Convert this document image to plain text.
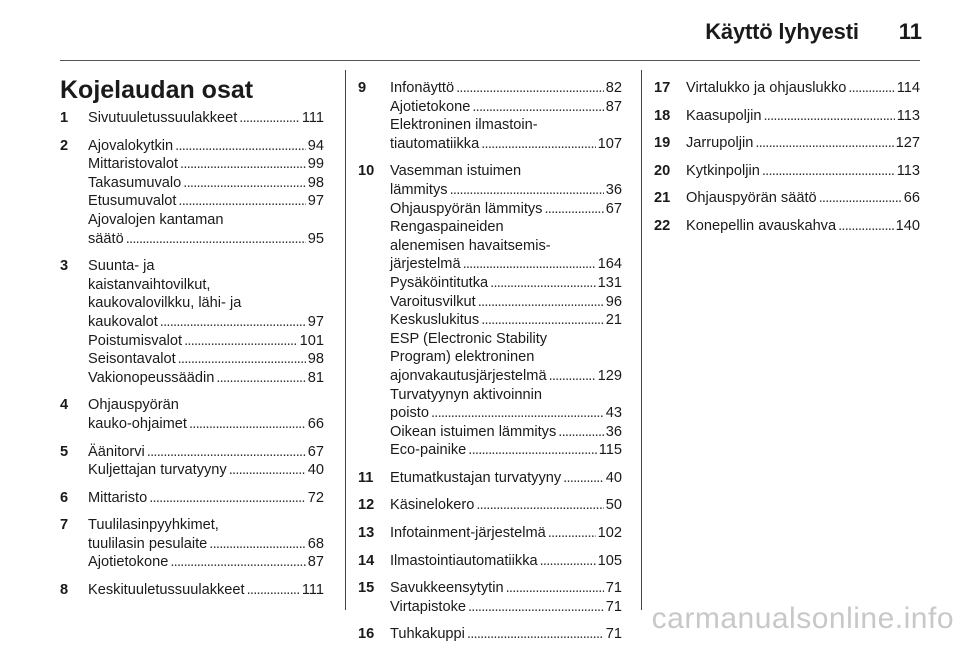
Käyttö lyhyesti 11
Kojelaudan osat
1	Sivutuuletussuulakkeet . . .	111
2	Ajovalokytkin . . .	94
Mittaristovalot . . .	99
Takasumuvalo . . .	98
Etusumuvalot . . .	97
Ajovalojen kantaman
säätö . . .	95
3	Suunta- ja
kaistanvaihtovilkut,
kaukovalovilkku, lähi- ja
kaukovalot . . .	97
Poistumisvalot . . .	101
Seisontavalot . . .	98
Vakionopeussäädin . . .	81
4	Ohjauspyörän
kauko-ohjaimet . . .	66
5	Äänitorvi . . .	67
Kuljettajan turvatyyny . . .	40
6	Mittaristo . . .	72
7	Tuulilasinpyyhkimet,
tuulilasin pesulaite . . .	68
Ajotietokone . . .	87
8	Keskituuletussuulakkeet . . .	111
9	Infonäyttö . . .	82
Ajotietokone . . .	87
Elektroninen ilmastoin-
tiautomatiikka . . .	107
10	Vasemman istuimen
lämmitys . . .	36
Ohjauspyörän lämmitys . . .	67
Rengaspaineiden
alenemisen havaitsemis-
järjestelmä . . .	164
Pysäköintitutka . . .	131
Varoitusvilkut . . .	96
Keskuslukitus . . .	21
ESP (Electronic Stability
Program) elektroninen
ajonvakautusjärjestelmä . . .	129
Turvatyynyn aktivoinnin
poisto . . .	43
Oikean istuimen lämmitys . . .	36
Eco-painike . . .	115
11	Etumatkustajan turvatyyny . . .	40
12	Käsinelokero . . .	50
13	Infotainment-järjestelmä . . .	102
14	Ilmastointiautomatiikka . . .	105
15	Savukkeensytytin . . .	71
Virtapistoke . . .	71
16	Tuhkakuppi . . .	71
17	Virtalukko ja ohjauslukko . . .	114
18	Kaasupoljin . . .	113
19	Jarrupoljin . . .	127
20	Kytkinpoljin . . .	113
21	Ohjauspyörän säätö . . .	66
22	Konepellin avauskahva . . .	140
carmanualsonline.info
